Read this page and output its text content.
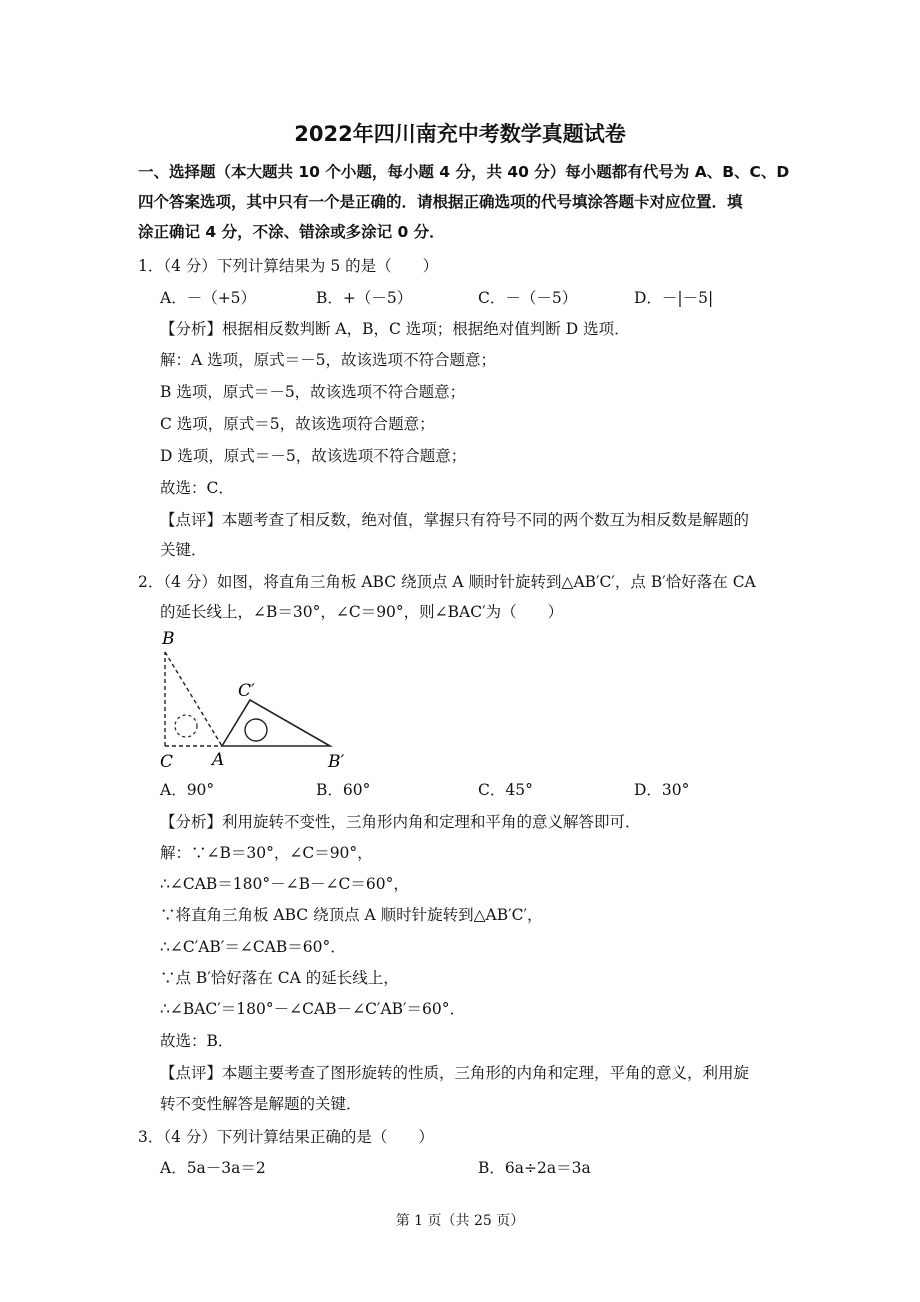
2022年四川南充中考数学真题试卷
一、选择题（本大题共 10 个小题，每小题 4 分，共 40 分）每小题都有代号为 A、B、C、D
四个答案选项，其中只有一个是正确的．请根据正确选项的代号填涂答题卡对应位置．填
涂正确记 4 分，不涂、错涂或多涂记 0 分．
1．（4 分）下列计算结果为 5 的是（　　）
A．－（+5）	B．+（－5）	C．－（－5）	D．－|－5|
【分析】根据相反数判断 A，B，C 选项；根据绝对值判断 D 选项．
解：A 选项，原式＝－5，故该选项不符合题意；
B 选项，原式＝－5，故该选项不符合题意；
C 选项，原式＝5，故该选项符合题意；
D 选项，原式＝－5，故该选项不符合题意；
故选：C．
【点评】本题考查了相反数，绝对值，掌握只有符号不同的两个数互为相反数是解题的
关键．
2．（4 分）如图，将直角三角板 ABC 绕顶点 A 顺时针旋转到△AB′C′，点 B′恰好落在 CA
的延长线上，∠B＝30°，∠C＝90°，则∠BAC′为（　　）
B
C A
C′
B′
A．90°	B．60°	C．45°	D．30°
【分析】利用旋转不变性，三角形内角和定理和平角的意义解答即可．
解：∵∠B＝30°，∠C＝90°，
∴∠CAB＝180°－∠B－∠C＝60°，
∵将直角三角板 ABC 绕顶点 A 顺时针旋转到△AB′C′，
∴∠C′AB′＝∠CAB＝60°．
∵点 B′恰好落在 CA 的延长线上，
∴∠BAC′＝180°－∠CAB－∠C′AB′＝60°．
故选：B．
【点评】本题主要考查了图形旋转的性质，三角形的内角和定理，平角的意义，利用旋
转不变性解答是解题的关键．
3．（4 分）下列计算结果正确的是（　　）
A．5a－3a＝2	B．6a÷2a＝3a
第 1 页（共 25 页）
